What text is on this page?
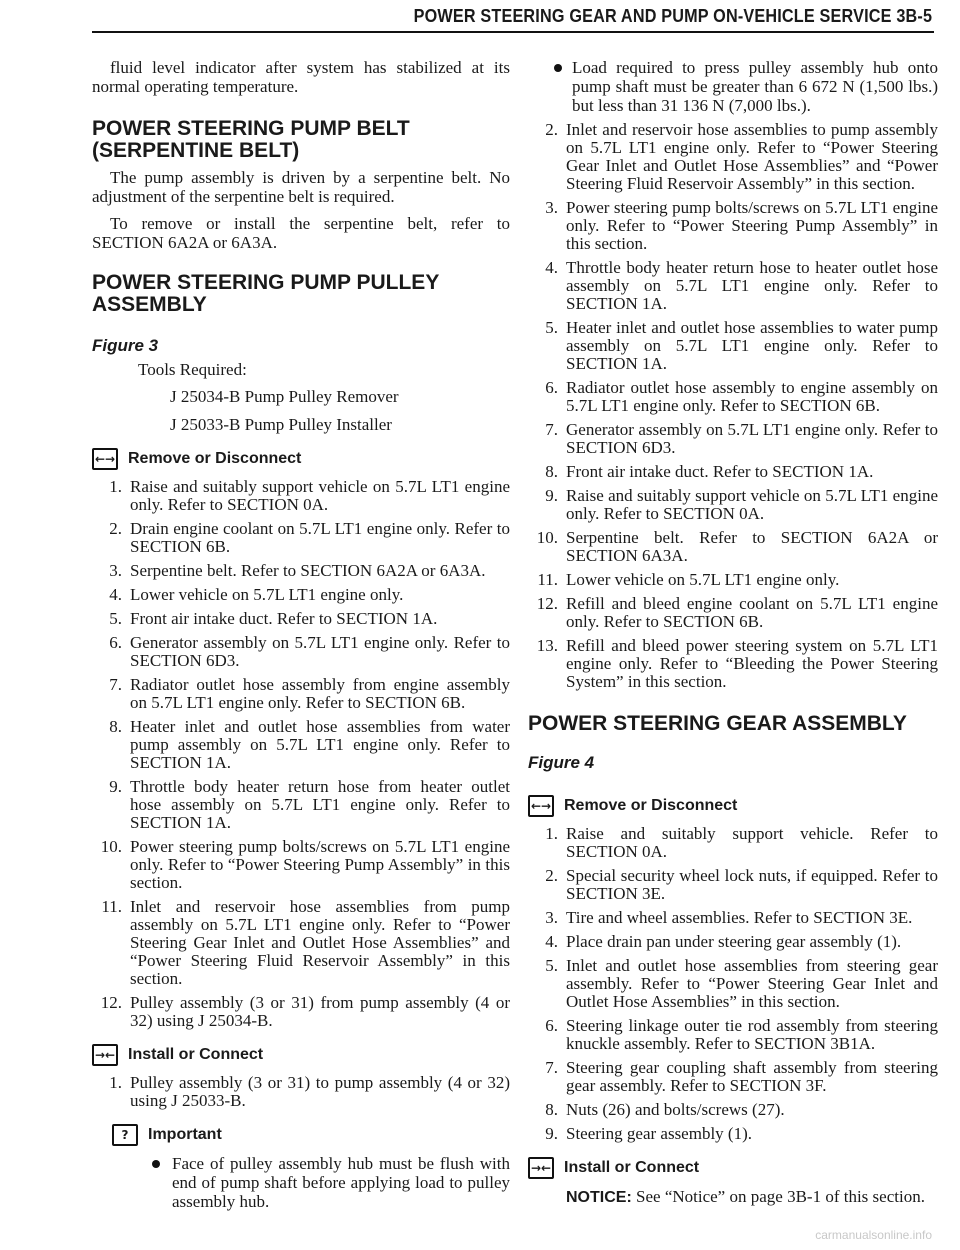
POWER STEERING GEAR AND PUMP ON-VEHICLE SERVICE 3B-5

fluid level indicator after system has stabilized at its normal operating temperature.

POWER STEERING PUMP BELT
(SERPENTINE BELT)

The pump assembly is driven by a serpentine belt. No adjustment of the serpentine belt is required.

To remove or install the serpentine belt, refer to SECTION 6A2A or 6A3A.

POWER STEERING PUMP PULLEY
ASSEMBLY
Figure 3
Tools Required:
J 25034-B Pump Pulley Remover
J 25033-B Pump Pulley Installer
←→ Remove or Disconnect
1. Raise and suitably support vehicle on 5.7L LT1 engine only. Refer to SECTION 0A.
2. Drain engine coolant on 5.7L LT1 engine only. Refer to SECTION 6B.
3. Serpentine belt. Refer to SECTION 6A2A or 6A3A.
4. Lower vehicle on 5.7L LT1 engine only.
5. Front air intake duct. Refer to SECTION 1A.
6. Generator assembly on 5.7L LT1 engine only. Refer to SECTION 6D3.
7. Radiator outlet hose assembly from engine assembly on 5.7L LT1 engine only. Refer to SECTION 6B.
8. Heater inlet and outlet hose assemblies from water pump assembly on 5.7L LT1 engine only. Refer to SECTION 1A.
9. Throttle body heater return hose from heater outlet hose assembly on 5.7L LT1 engine only. Refer to SECTION 1A.
10. Power steering pump bolts/screws on 5.7L LT1 engine only. Refer to “Power Steering Pump Assembly” in this section.
11. Inlet and reservoir hose assemblies from pump assembly on 5.7L LT1 engine only. Refer to “Power Steering Gear Inlet and Outlet Hose Assemblies” and “Power Steering Fluid Reservoir Assembly” in this section.
12. Pulley assembly (3 or 31) from pump assembly (4 or 32) using J 25034-B.
→← Install or Connect
1. Pulley assembly (3 or 31) to pump assembly (4 or 32) using J 25033-B.
?	Important
Face of pulley assembly hub must be flush with end of pump shaft before applying load to pulley assembly hub.
Load required to press pulley assembly hub onto pump shaft must be greater than 6 672 N (1,500 lbs.) but less than 31 136 N (7,000 lbs.).
2. Inlet and reservoir hose assemblies to pump assembly on 5.7L LT1 engine only. Refer to “Power Steering Gear Inlet and Outlet Hose Assemblies” and “Power Steering Fluid Reservoir Assembly” in this section.
3. Power steering pump bolts/screws on 5.7L LT1 engine only. Refer to “Power Steering Pump Assembly” in this section.
4. Throttle body heater return hose to heater outlet hose assembly on 5.7L LT1 engine only. Refer to SECTION 1A.
5. Heater inlet and outlet hose assemblies to water pump assembly on 5.7L LT1 engine only. Refer to SECTION 1A.
6. Radiator outlet hose assembly to engine assembly on 5.7L LT1 engine only. Refer to SECTION 6B.
7. Generator assembly on 5.7L LT1 engine only. Refer to SECTION 6D3.
8. Front air intake duct. Refer to SECTION 1A.
9. Raise and suitably support vehicle on 5.7L LT1 engine only. Refer to SECTION 0A.
10. Serpentine belt. Refer to SECTION 6A2A or SECTION 6A3A.
11. Lower vehicle on 5.7L LT1 engine only.
12. Refill and bleed engine coolant on 5.7L LT1 engine only. Refer to SECTION 6B.
13. Refill and bleed power steering system on 5.7L LT1 engine only. Refer to “Bleeding the Power Steering System” in this section.
POWER STEERING GEAR ASSEMBLY
Figure 4
←→ Remove or Disconnect
1. Raise and suitably support vehicle. Refer to SECTION 0A.
2. Special security wheel lock nuts, if equipped. Refer to SECTION 3E.
3. Tire and wheel assemblies. Refer to SECTION 3E.
4. Place drain pan under steering gear assembly (1).
5. Inlet and outlet hose assemblies from steering gear assembly. Refer to “Power Steering Gear Inlet and Outlet Hose Assemblies” in this section.
6. Steering linkage outer tie rod assembly from steering knuckle assembly. Refer to SECTION 3B1A.
7. Steering gear coupling shaft assembly from steering gear assembly. Refer to SECTION 3F.
8. Nuts (26) and bolts/screws (27).
9. Steering gear assembly (1).
→← Install or Connect
NOTICE: See “Notice” on page 3B-1 of this section.
carmanualsonline.info
